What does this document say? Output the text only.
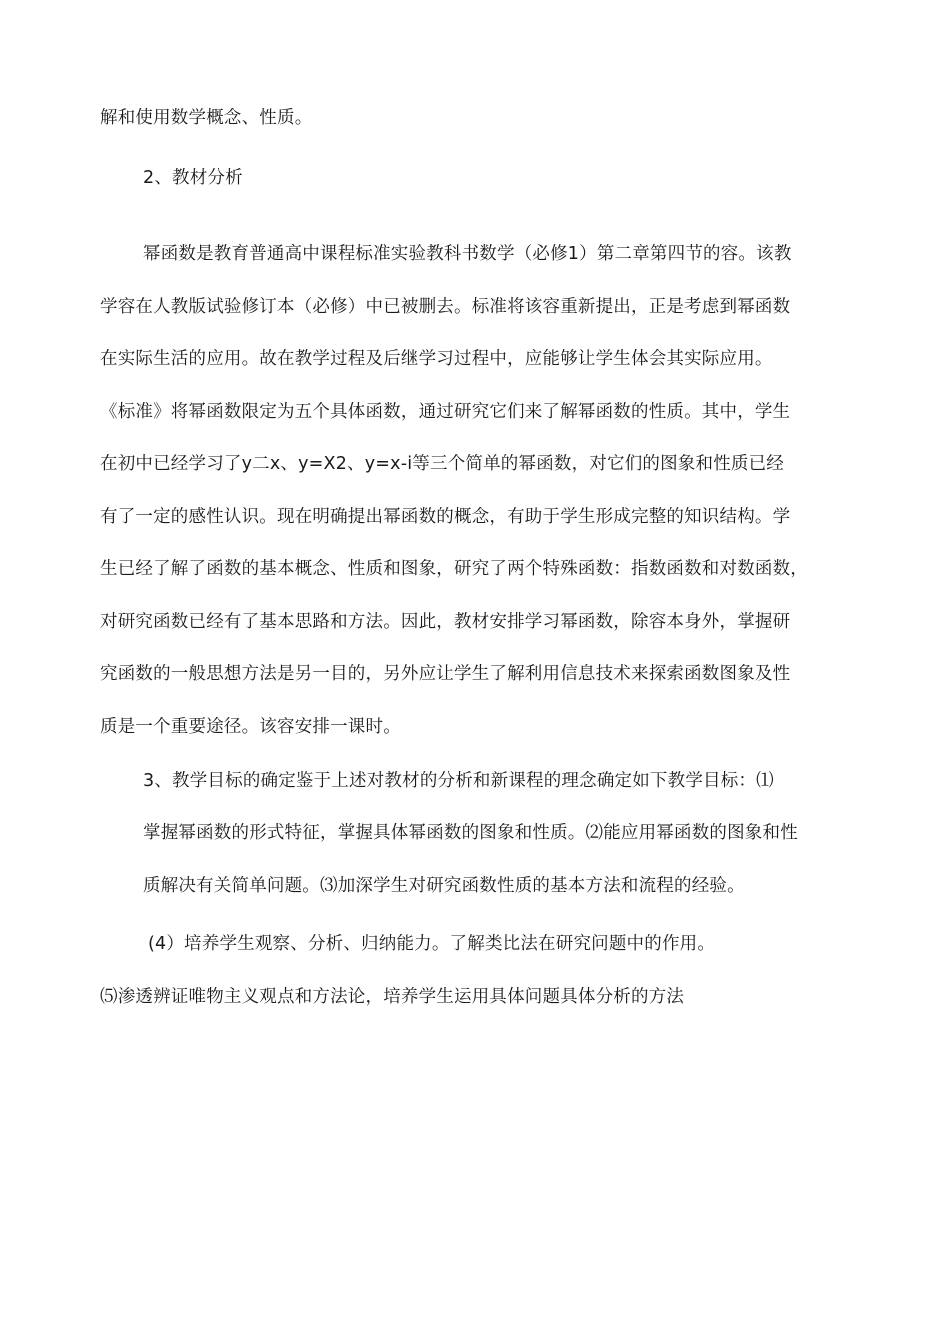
解和使用数学概念、性质。
2、教材分析
幂函数是教育普通高中课程标准实验教科书数学（必修1）第二章第四节的容。该教
学容在人教版试验修订本（必修）中已被删去。标准将该容重新提出，正是考虑到幂函数
在实际生活的应用。故在教学过程及后继学习过程中，应能够让学生体会其实际应用。
《标准》将幂函数限定为五个具体函数，通过研究它们来了解幂函数的性质。其中，学生
在初中已经学习了y二x、y=X2、y=x-i等三个简单的幂函数，对它们的图象和性质已经
有了一定的感性认识。现在明确提出幂函数的概念，有助于学生形成完整的知识结构。学
生已经了解了函数的基本概念、性质和图象，研究了两个特殊函数：指数函数和对数函数，
对研究函数已经有了基本思路和方法。因此，教材安排学习幂函数，除容本身外，掌握研
究函数的一般思想方法是另一目的，另外应让学生了解利用信息技术来探索函数图象及性
质是一个重要途径。该容安排一课时。
3、教学目标的确定鉴于上述对教材的分析和新课程的理念确定如下教学目标：⑴
掌握幂函数的形式特征，掌握具体幂函数的图象和性质。⑵能应用幂函数的图象和性
质解决有关简单问题。⑶加深学生对研究函数性质的基本方法和流程的经验。
(4）培养学生观察、分析、归纳能力。了解类比法在研究问题中的作用。
⑸渗透辨证唯物主义观点和方法论，培养学生运用具体问题具体分析的方法
